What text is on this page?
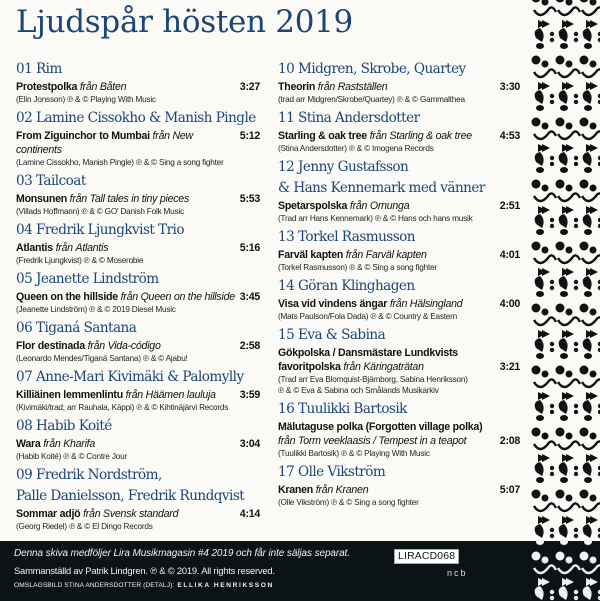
Ljudspår hösten 2019
01 Rim
Protestpolka från Båten	3:27
(Elin Jonsson) ℗ & © Playing With Music
02 Lamine Cissokho & Manish Pingle
From Ziguinchor to Mumbai från New continents
5:12
(Lamine Cissokho, Manish Pingle) ℗ & © Sing a song fighter
03 Tailcoat
Monsunen från Tall tales in tiny pieces	5:53
(Villads Hoffmann) ℗ & © GO' Danish Folk Music
04 Fredrik Ljungkvist Trio
Atlantis från Atlantis	5:16
(Fredrik Ljungkvist) ℗ & © Moserobie
05 Jeanette Lindström
Queen on the hillside från Queen on the hillside 3:45
(Jeanette Lindström) ℗ & © 2019 Diesel Music
06 Tiganá Santana
Flor destinada från Vida-código	2:58
(Leonardo Mendes/Tiganá Santana) ℗ & © Ajabu!
07 Anne-Mari Kivimäki & Palomylly
Killiäinen lemmenlintu från Häämen lauluja	3:59
(Kivimäki/trad; arr Rauhala, Käppi) ℗ & © Kihtinäjärvi Records
08 Habib Koité
Wara från Kharifa	3:04
(Habib Koité) ℗ & © Contre Jour
09 Fredrik Nordström,
Palle Danielsson, Fredrik Rundqvist
Sommar adjö från Svensk standard	4:14
(Georg Riedel) ℗ & © El Dingo Records
10 Midgren, Skrobe, Quartey
Theorin från Rastställen	3:30
(trad arr Midgren/Skrobe/Quartey) ℗ & © Gammalthea
11 Stina Andersdotter
Starling & oak tree från Starling & oak tree	4:53
(Stina Andersdotter) ℗ & © Imogena Records
12 Jenny Gustafsson
& Hans Kennemark med vänner
Spetarspolska från Ornunga	2:51
(Trad arr Hans Kennemark) ℗ & © Hans och hans musik
13 Torkel Rasmusson
Farväl kapten från Farväl kapten	4:01
(Torkel Rasmusson) ℗ & © Sing a song fighter
14 Göran Klinghagen
Visa vid vindens ängar från Hälsingland	4:00
(Mats Paulson/Fola Dada) ℗ & © Country & Eastern
15 Eva & Sabina
Gökpolska / Dansmästare Lundkvists
favoritpolska från Käringaträtan	3:21
(Trad arr Eva Blomquist-Bjärnborg, Sabina Henriksson)
℗ & © Eva & Sabina och Smålands Musikarkiv
16 Tuulikki Bartosik
Mälutaguse polka (Forgotten village polka)
från Torm veeklaasis / Tempest in a teapot	2:08
(Tuulikki Bartosik) ℗ & © Playing With Music
17 Olle Vikström
Kranen från Kranen	5:07
(Olle Vikström) ℗ & © Sing a song fighter
Denna skiva medföljer Lira Musikmagasin #4 2019 och får inte säljas separat.
Sammanställd av Patrik Lindgren. ℗ & © 2019. All rights reserved.
OMSLAGSBILD STINA ANDERSDOTTER (DETALJ): ELLIKA HENRIKSSON
LIRACD068
ncb
